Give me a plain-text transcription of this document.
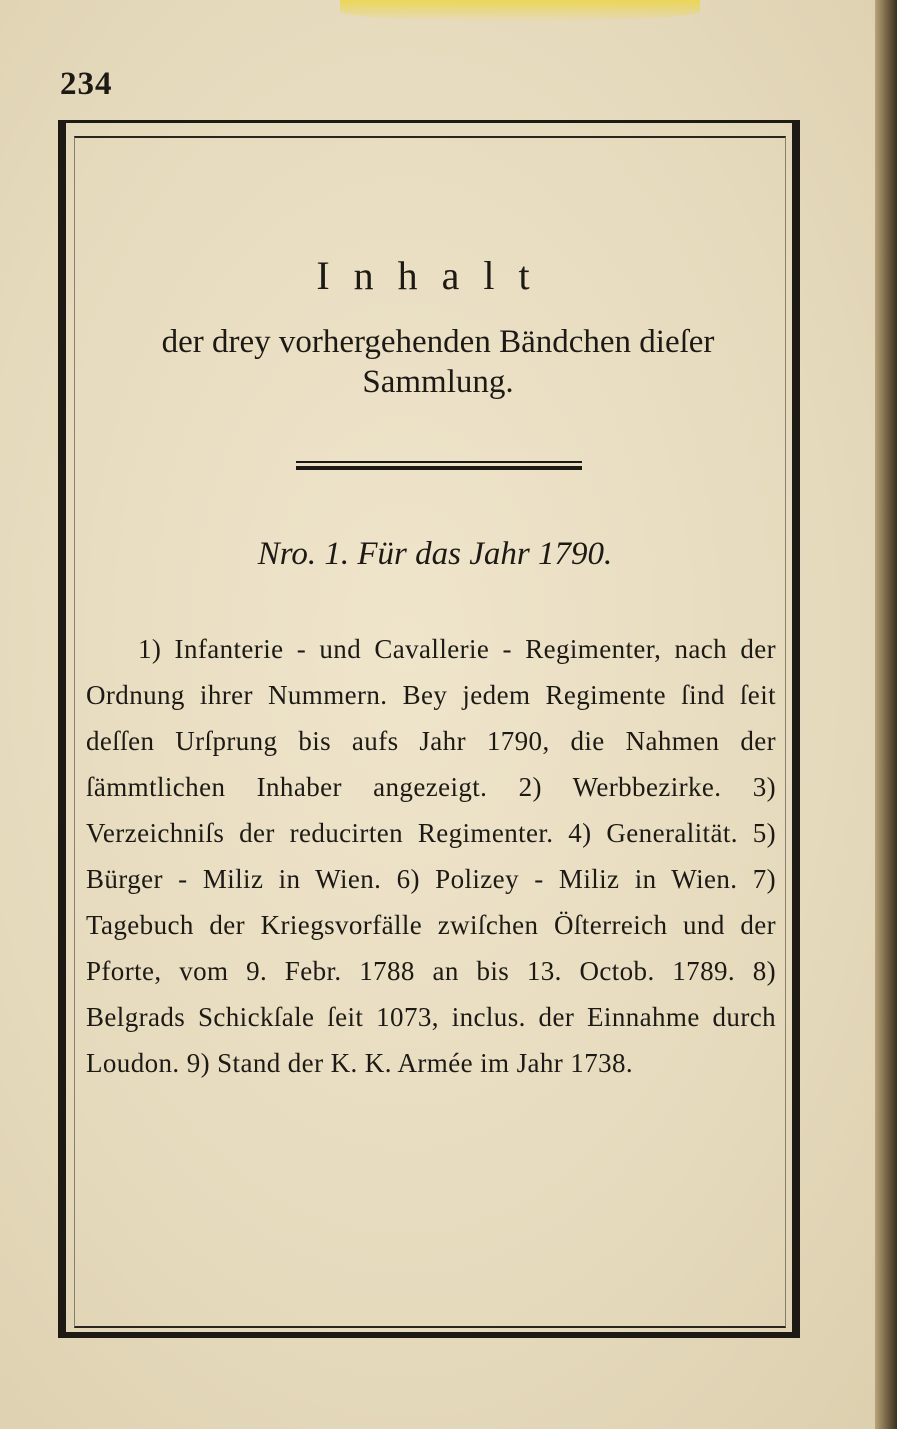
234
Inhalt
der drey vorhergehenden Bändchen dieſer Sammlung.
Nro. 1. Für das Jahr 1790.

1) Infanterie - und Cavallerie - Regimenter, nach der Ordnung ihrer Nummern. Bey jedem Regimente ſind ſeit deſſen Urſprung bis aufs Jahr 1790, die Nahmen der ſämmtlichen Inhaber angezeigt. 2) Werbbezirke. 3) Verzeichniſs der reducirten Regimenter. 4) Generalität. 5) Bürger - Miliz in Wien. 6) Polizey - Miliz in Wien. 7) Tagebuch der Kriegsvorfälle zwiſchen Öſterreich und der Pforte, vom 9. Febr. 1788 an bis 13. Octob. 1789. 8) Belgrads Schickſale ſeit 1073, inclus. der Einnahme durch Loudon. 9) Stand der K. K. Armée im Jahr 1738.
